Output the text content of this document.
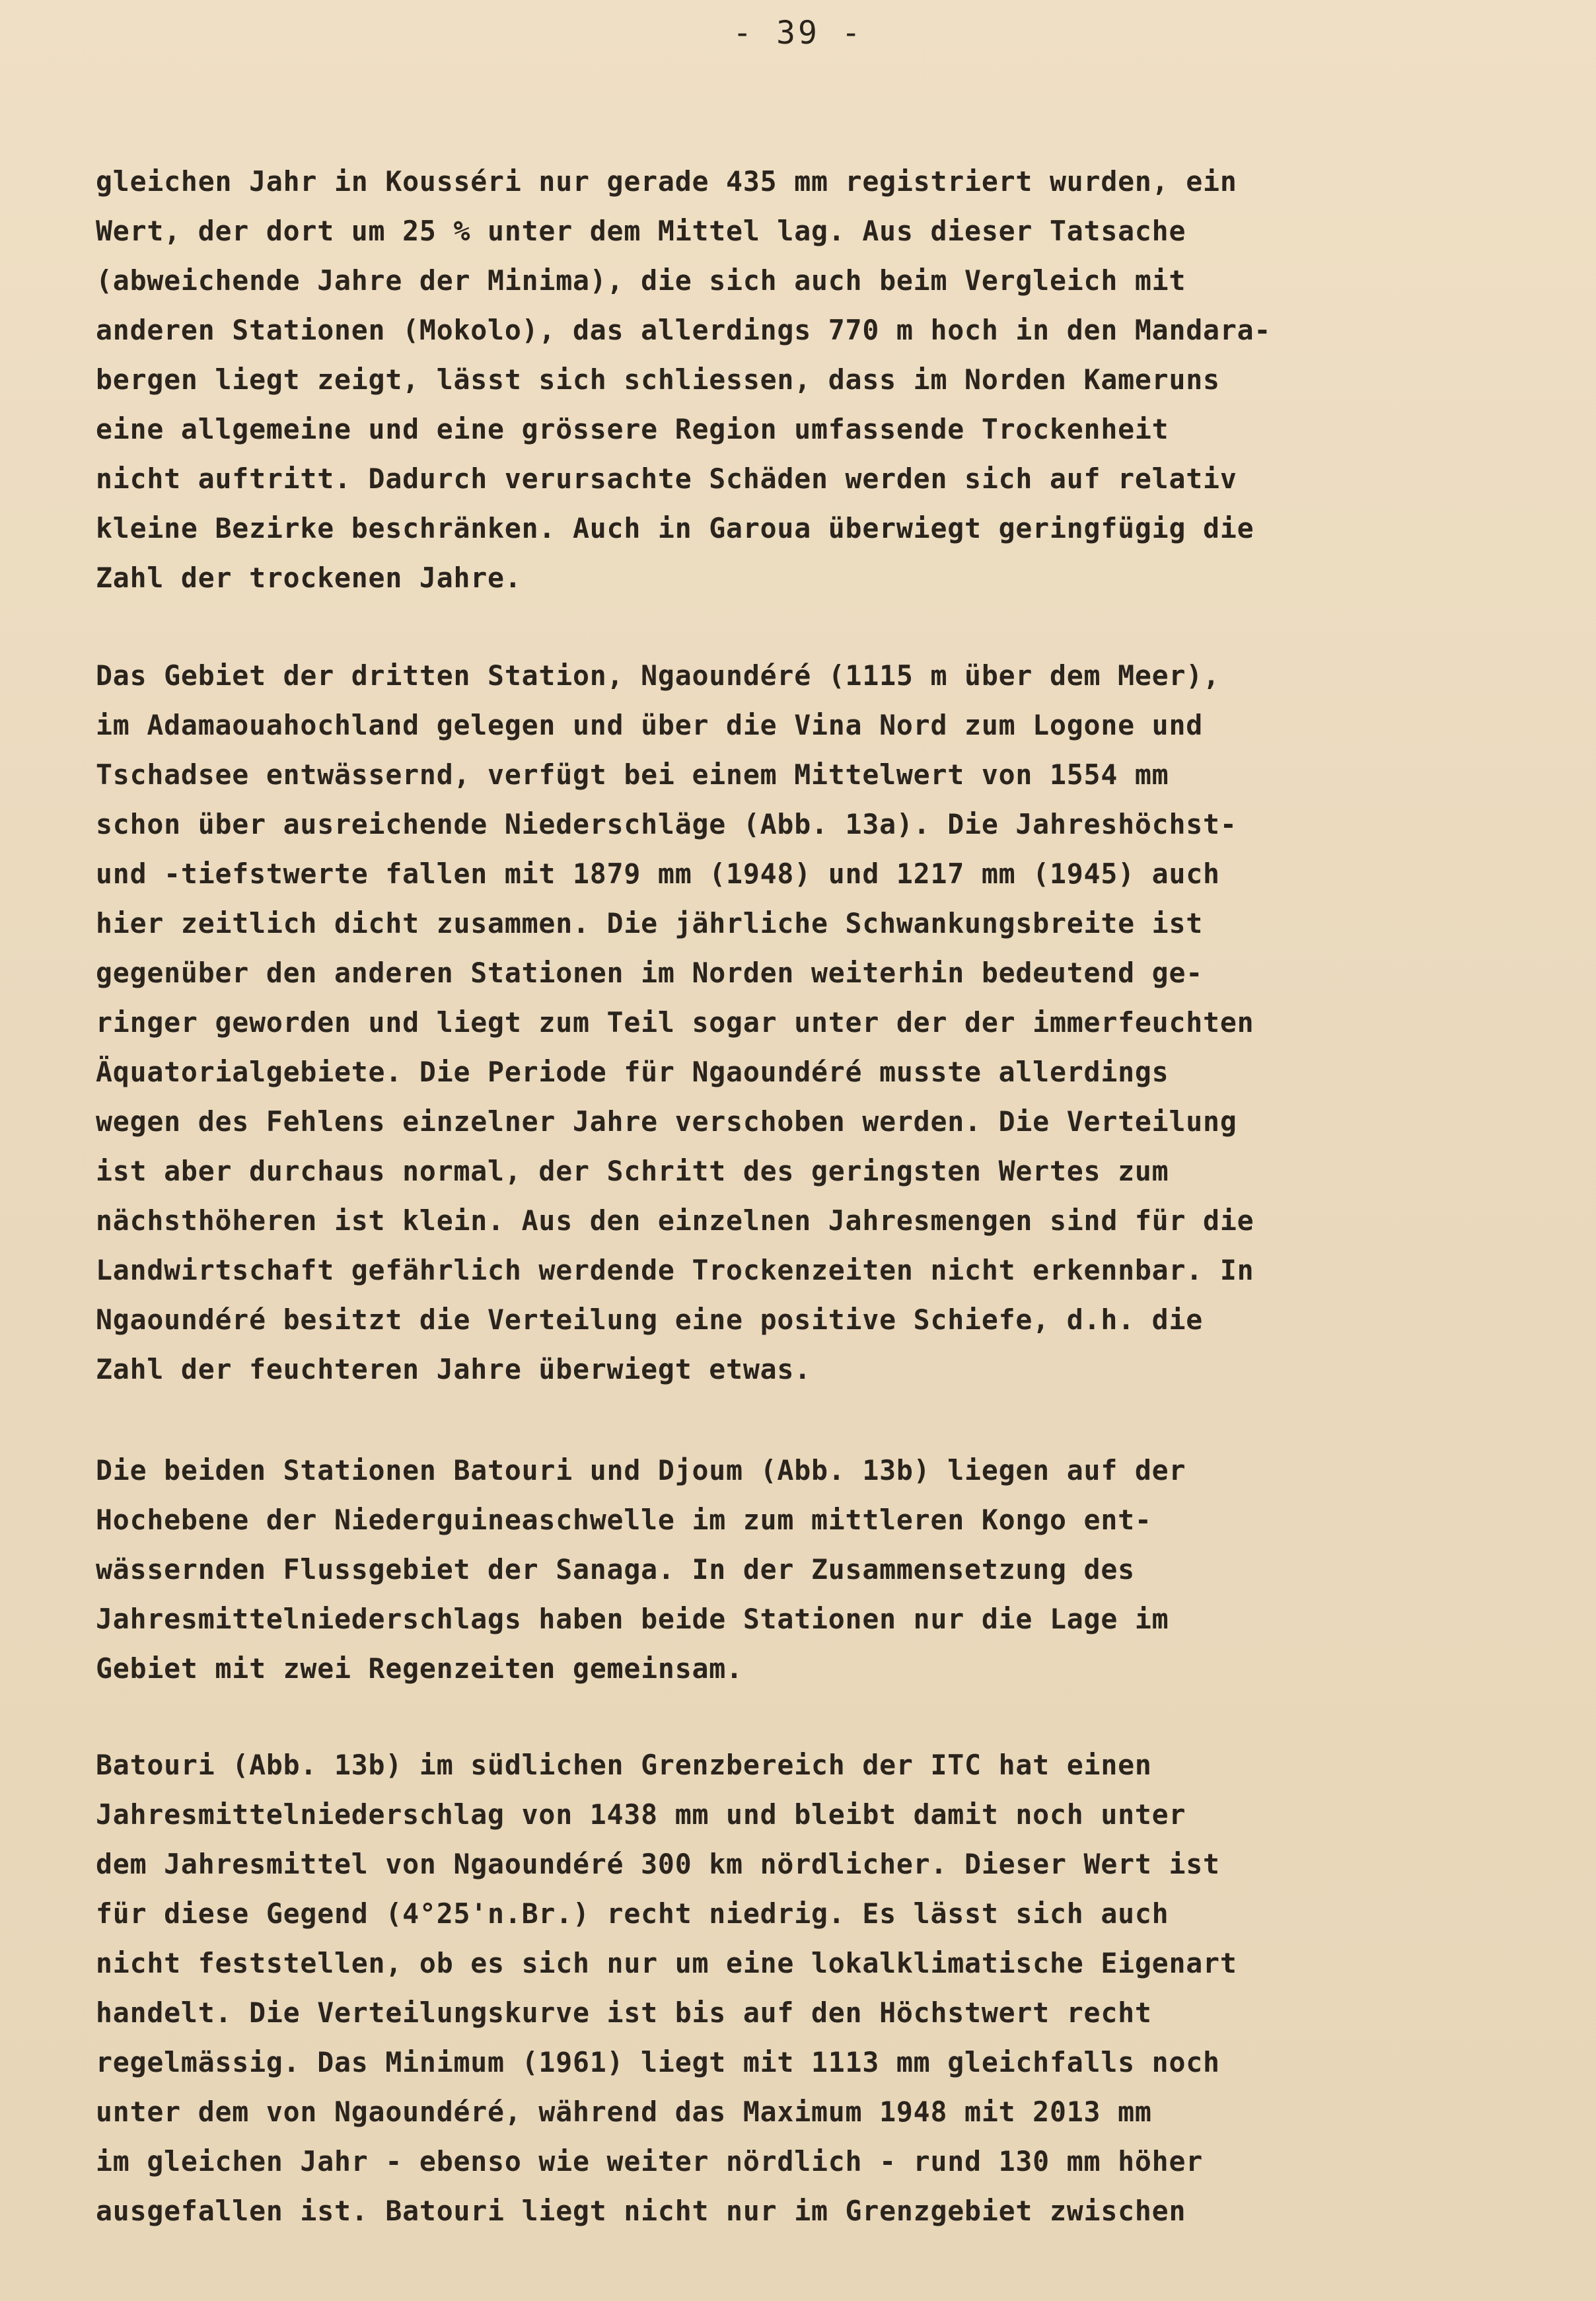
- 39 -
gleichen Jahr in Kousséri nur gerade 435 mm registriert wurden, ein
Wert, der dort um 25 % unter dem Mittel lag. Aus dieser Tatsache
(abweichende Jahre der Minima), die sich auch beim Vergleich mit
anderen Stationen (Mokolo), das allerdings 770 m hoch in den Mandara-
bergen liegt zeigt, lässt sich schliessen, dass im Norden Kameruns
eine allgemeine und eine grössere Region umfassende Trockenheit
nicht auftritt. Dadurch verursachte Schäden werden sich auf relativ
kleine Bezirke beschränken. Auch in Garoua überwiegt geringfügig die
Zahl der trockenen Jahre.
Das Gebiet der dritten Station, Ngaoundéré (1115 m über dem Meer),
im Adamaouahochland gelegen und über die Vina Nord zum Logone und
Tschadsee entwässernd, verfügt bei einem Mittelwert von 1554 mm
schon über ausreichende Niederschläge (Abb. 13a). Die Jahreshöchst-
und -tiefstwerte fallen mit 1879 mm (1948) und 1217 mm (1945) auch
hier zeitlich dicht zusammen. Die jährliche Schwankungsbreite ist
gegenüber den anderen Stationen im Norden weiterhin bedeutend ge-
ringer geworden und liegt zum Teil sogar unter der der immerfeuchten
Äquatorialgebiete. Die Periode für Ngaoundéré musste allerdings
wegen des Fehlens einzelner Jahre verschoben werden. Die Verteilung
ist aber durchaus normal, der Schritt des geringsten Wertes zum
nächsthöheren ist klein. Aus den einzelnen Jahresmengen sind für die
Landwirtschaft gefährlich werdende Trockenzeiten nicht erkennbar. In
Ngaoundéré besitzt die Verteilung eine positive Schiefe, d.h. die
Zahl der feuchteren Jahre überwiegt etwas.
Die beiden Stationen Batouri und Djoum (Abb. 13b) liegen auf der
Hochebene der Niederguineaschwelle im zum mittleren Kongo ent-
wässernden Flussgebiet der Sanaga. In der Zusammensetzung des
Jahresmittelniederschlags haben beide Stationen nur die Lage im
Gebiet mit zwei Regenzeiten gemeinsam.
Batouri (Abb. 13b) im südlichen Grenzbereich der ITC hat einen
Jahresmittelniederschlag von 1438 mm und bleibt damit noch unter
dem Jahresmittel von Ngaoundéré 300 km nördlicher. Dieser Wert ist
für diese Gegend (4°25'n.Br.) recht niedrig. Es lässt sich auch
nicht feststellen, ob es sich nur um eine lokalklimatische Eigenart
handelt. Die Verteilungskurve ist bis auf den Höchstwert recht
regelmässig. Das Minimum (1961) liegt mit 1113 mm gleichfalls noch
unter dem von Ngaoundéré, während das Maximum 1948 mit 2013 mm
im gleichen Jahr - ebenso wie weiter nördlich - rund 130 mm höher
ausgefallen ist. Batouri liegt nicht nur im Grenzgebiet zwischen
